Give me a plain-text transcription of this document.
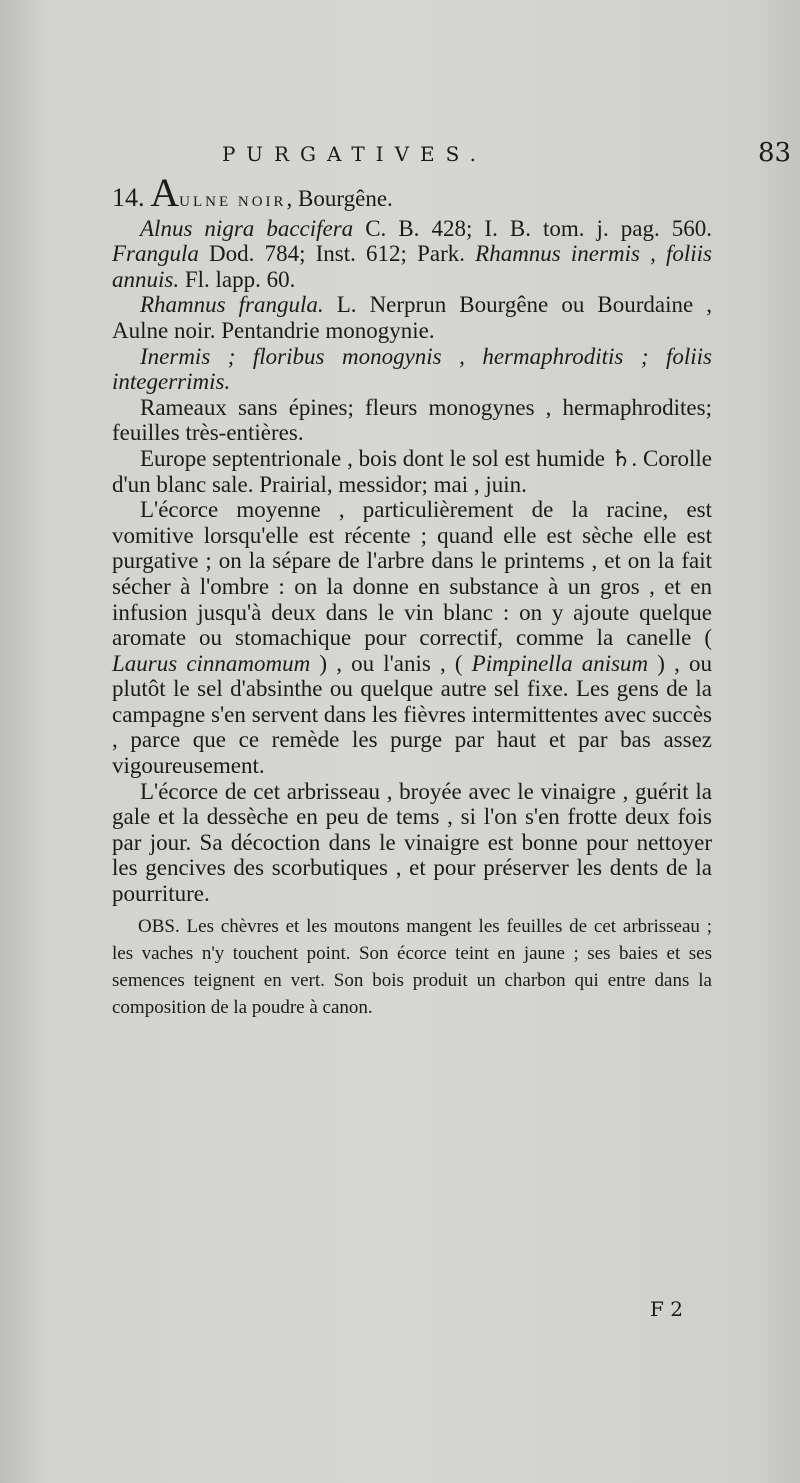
PURGATIVES.	83

14. AULNE NOIR, Bourgêne.

Alnus nigra baccifera C. B. 428; I. B. tom. j. pag. 560. Frangula Dod. 784; Inst. 612; Park. Rhamnus inermis , foliis annuis. Fl. lapp. 60.

Rhamnus frangula. L. Nerprun Bourgêne ou Bourdaine , Aulne noir. Pentandrie monogynie.

Inermis ; floribus monogynis , hermaphroditis ; foliis integerrimis.

Rameaux sans épines; fleurs monogynes , hermaphrodites; feuilles très-entières.

Europe septentrionale , bois dont le sol est humide ♄. Corolle d'un blanc sale. Prairial, messidor; mai , juin.

L'écorce moyenne , particulièrement de la racine, est vomitive lorsqu'elle est récente ; quand elle est sèche elle est purgative ; on la sépare de l'arbre dans le printems , et on la fait sécher à l'ombre : on la donne en substance à un gros , et en infusion jusqu'à deux dans le vin blanc : on y ajoute quelque aromate ou stomachique pour correctif, comme la canelle ( Laurus cinnamomum ) , ou l'anis , ( Pimpinella anisum ) , ou plutôt le sel d'absinthe ou quelque autre sel fixe. Les gens de la campagne s'en servent dans les fièvres intermittentes avec succès , parce que ce remède les purge par haut et par bas assez vigoureusement.

L'écorce de cet arbrisseau , broyée avec le vinaigre , guérit la gale et la dessèche en peu de tems , si l'on s'en frotte deux fois par jour. Sa décoction dans le vinaigre est bonne pour nettoyer les gencives des scorbutiques , et pour préserver les dents de la pourriture.

OBS. Les chèvres et les moutons mangent les feuilles de cet arbrisseau ; les vaches n'y touchent point. Son écorce teint en jaune ; ses baies et ses semences teignent en vert. Son bois produit un charbon qui entre dans la composition de la poudre à canon.

F 2
